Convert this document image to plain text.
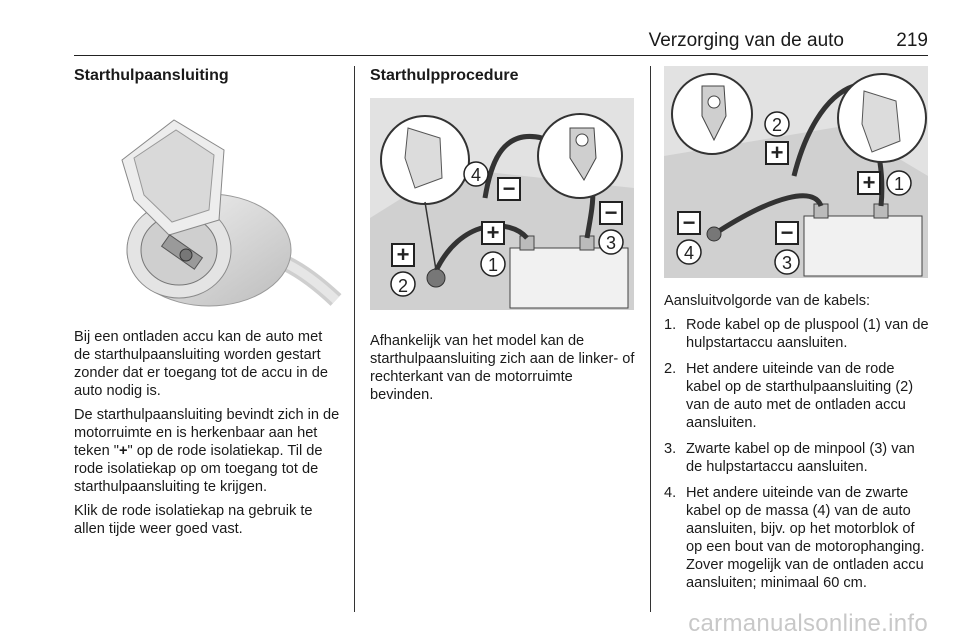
Verzorging van de auto	219
Starthulpaansluiting

Bij een ontladen accu kan de auto met de starthulpaansluiting worden gestart zonder dat er toegang tot de accu in de auto nodig is.

De starthulpaansluiting bevindt zich in de motorruimte en is herkenbaar aan het teken "+" op de rode isolatiekap. Til de rode isolatiekap op om toegang tot de starthulpaansluiting te krijgen.

Klik de rode isolatiekap na gebruik te allen tijde weer goed vast.

Starthulpprocedure
+
2
+
1
4
−
−
3

Afhankelijk van het model kan de starthulpaansluiting zich aan de linker- of rechterkant van de motorruimte bevinden.

2
+
+ 1
−
4
−
3

Aansluitvolgorde van de kabels:

1. Rode kabel op de pluspool (1) van de hulpstartaccu aansluiten.
2. Het andere uiteinde van de rode kabel op de starthulpaansluiting (2) van de auto met de ontladen accu aansluiten.
3. Zwarte kabel op de minpool (3) van de hulpstartaccu aansluiten.
4. Het andere uiteinde van de zwarte kabel op de massa (4) van de auto aansluiten, bijv. op het motorblok of op een bout van de motorophanging. Zover mogelijk van de ontladen accu aansluiten; minimaal 60 cm.
carmanualsonline.info
